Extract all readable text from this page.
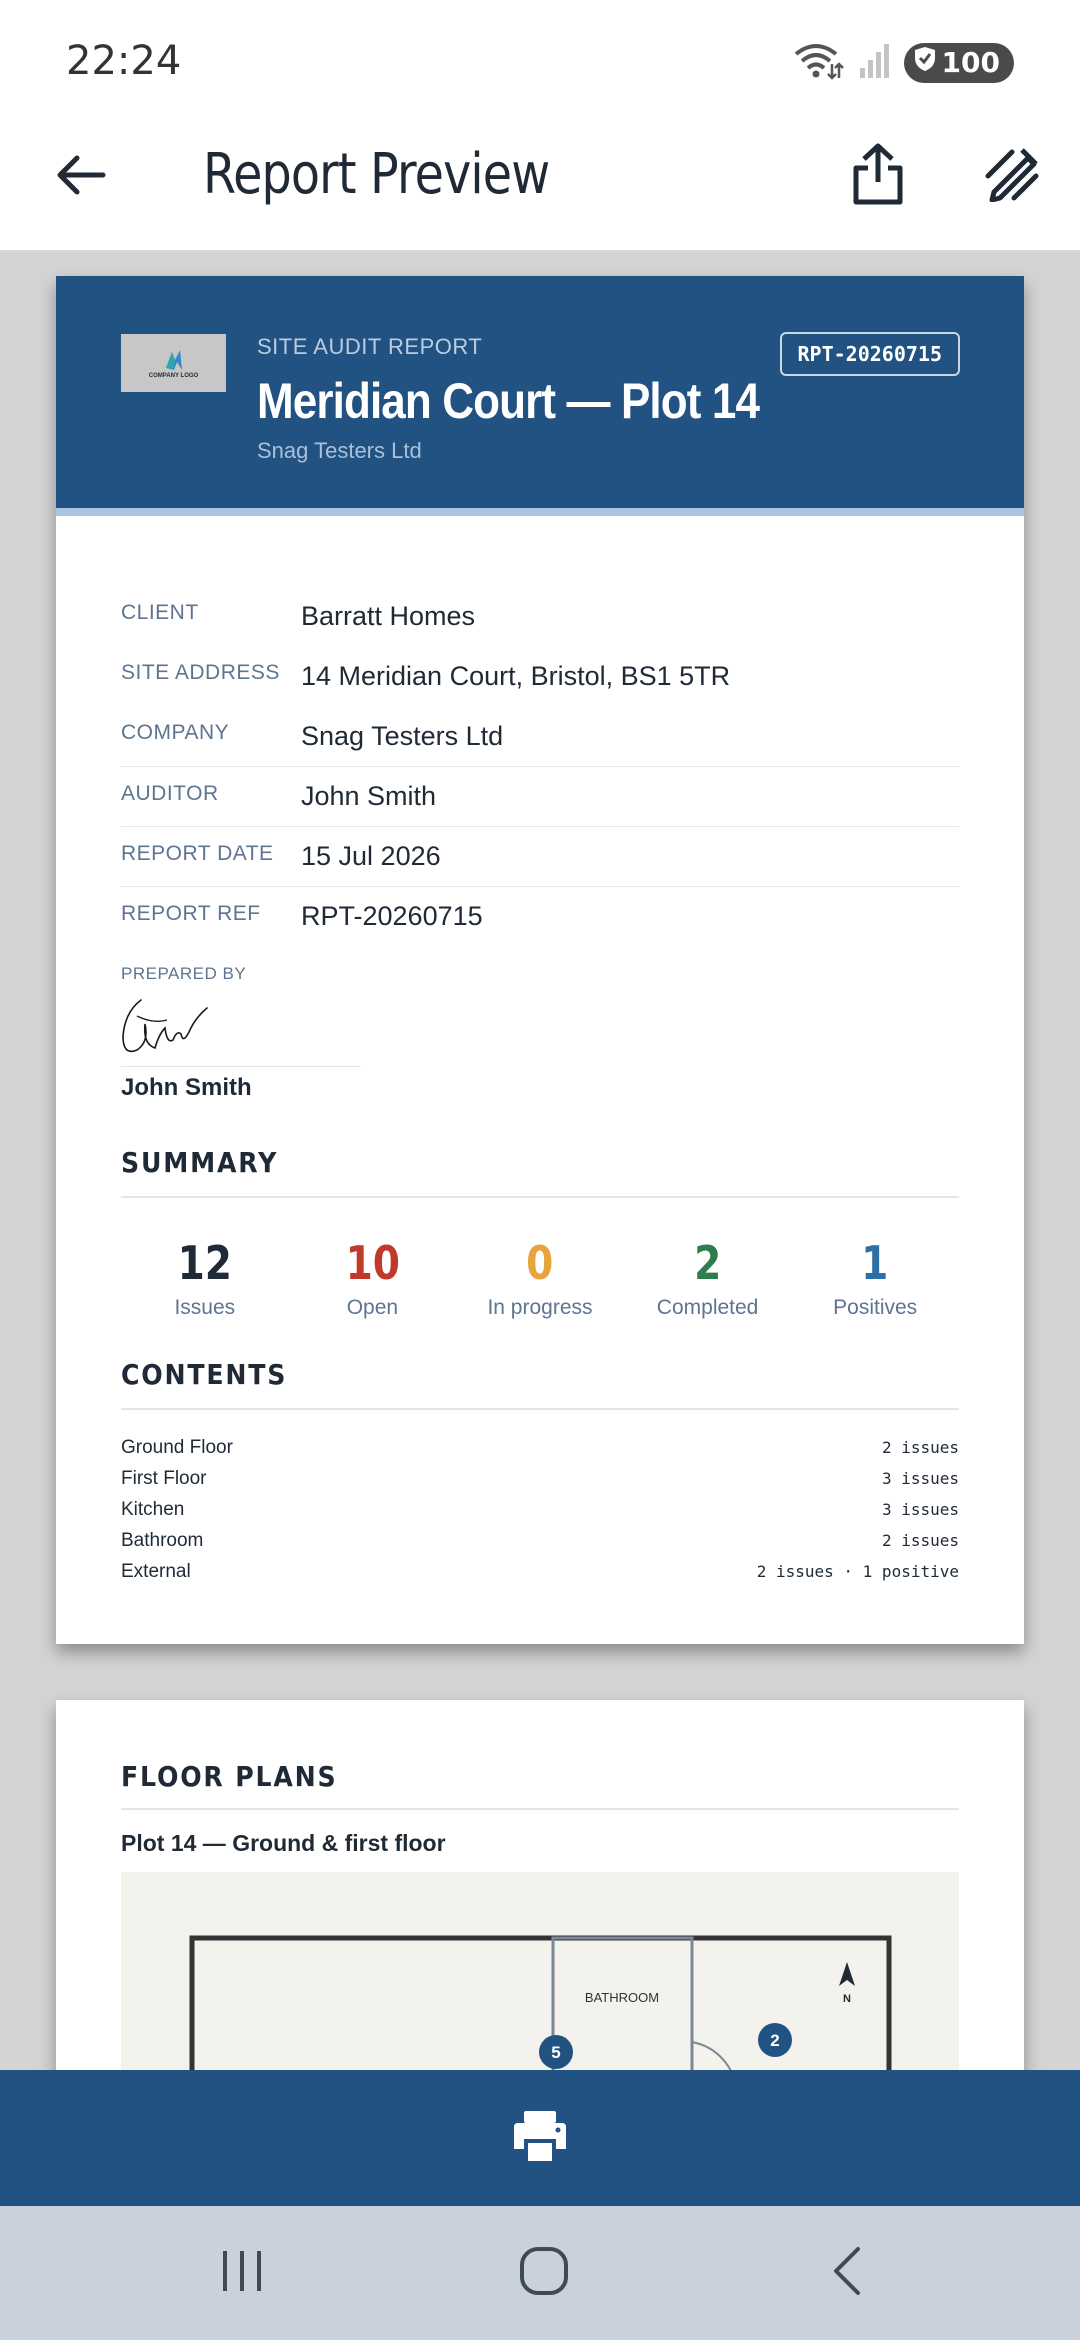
22:24	100
Report Preview
COMPANY LOGO
SITE AUDIT REPORT
Meridian Court — Plot 14
Snag Testers Ltd
RPT-20260715
CLIENT	Barratt Homes
SITE ADDRESS 14 Meridian Court, Bristol, BS1 5TR
COMPANY	Snag Testers Ltd
AUDITOR	John Smith
REPORT DATE	15 Jul 2026
REPORT REF	RPT-20260715
PREPARED BY
John Smith
SUMMARY
12
Issues
10
Open
0
In progress
2
Completed
1
Positives
CONTENTS
Ground Floor	2 issues
First Floor	3 issues
Kitchen	3 issues
Bathroom	2 issues
External	2 issues · 1 positive
FLOOR PLANS
Plot 14 — Ground & first floor
BATHROOM	N
5
2
